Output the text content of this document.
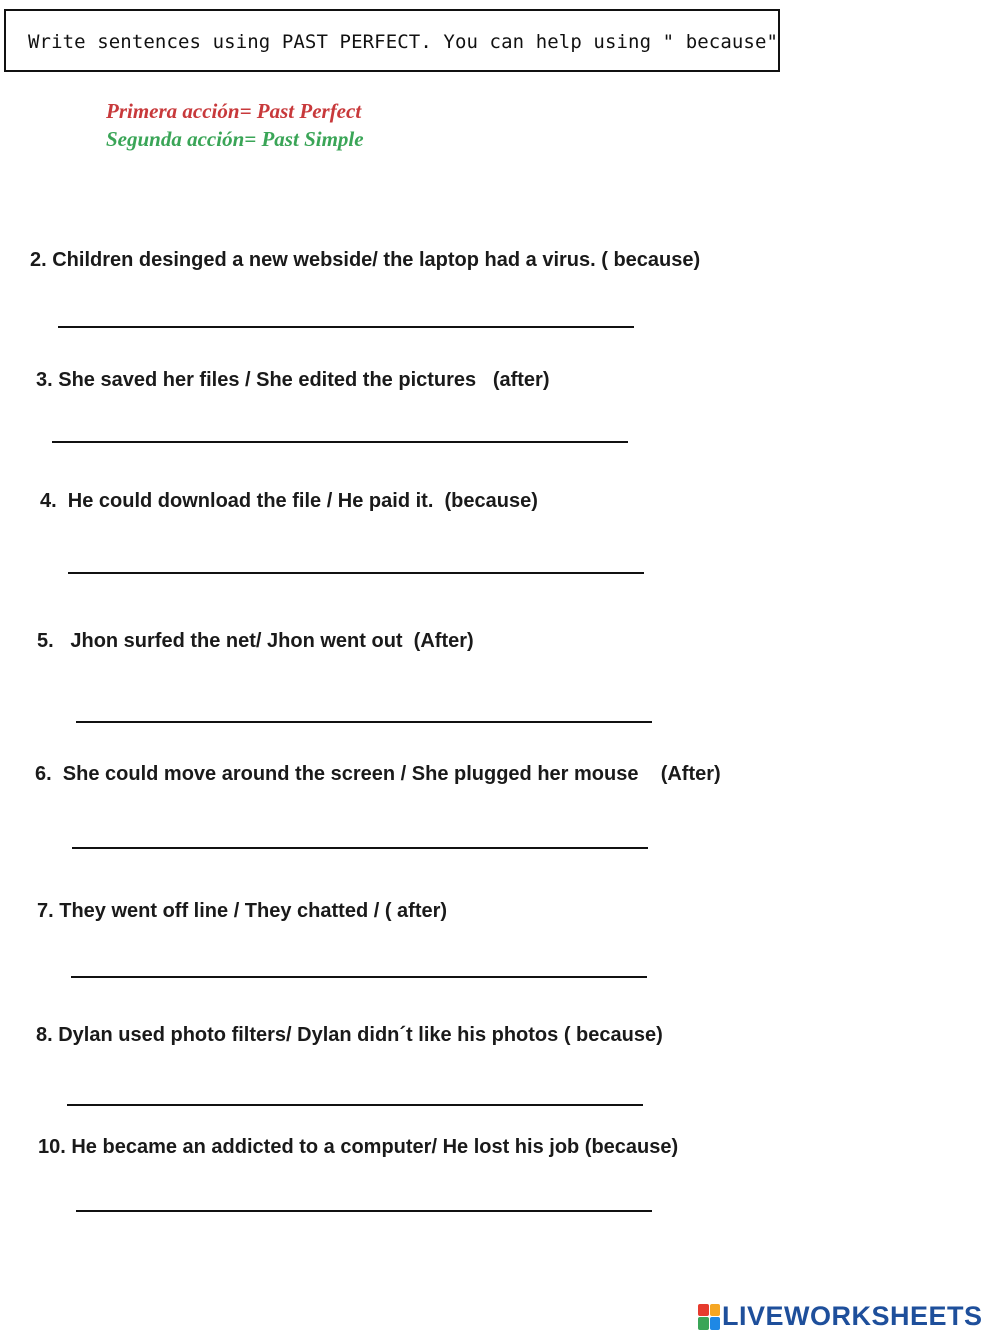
Write sentences using PAST PERFECT. You can help using " because"
Primera acción= Past Perfect
Segunda acción= Past Simple
2. Children desinged a new webside/ the laptop had a virus. ( because)
3. She saved her files / She edited the pictures   (after)
4.  He could download the file / He paid it.  (because)
5.   Jhon surfed the net/ Jhon went out  (After)
6.  She could move around the screen / She plugged her mouse    (After)
7. They went off line / They chatted / ( after)
8. Dylan used photo filters/ Dylan didn´t like his photos ( because)
10. He became an addicted to a computer/ He lost his job (because)
LIVEWORKSHEETS
